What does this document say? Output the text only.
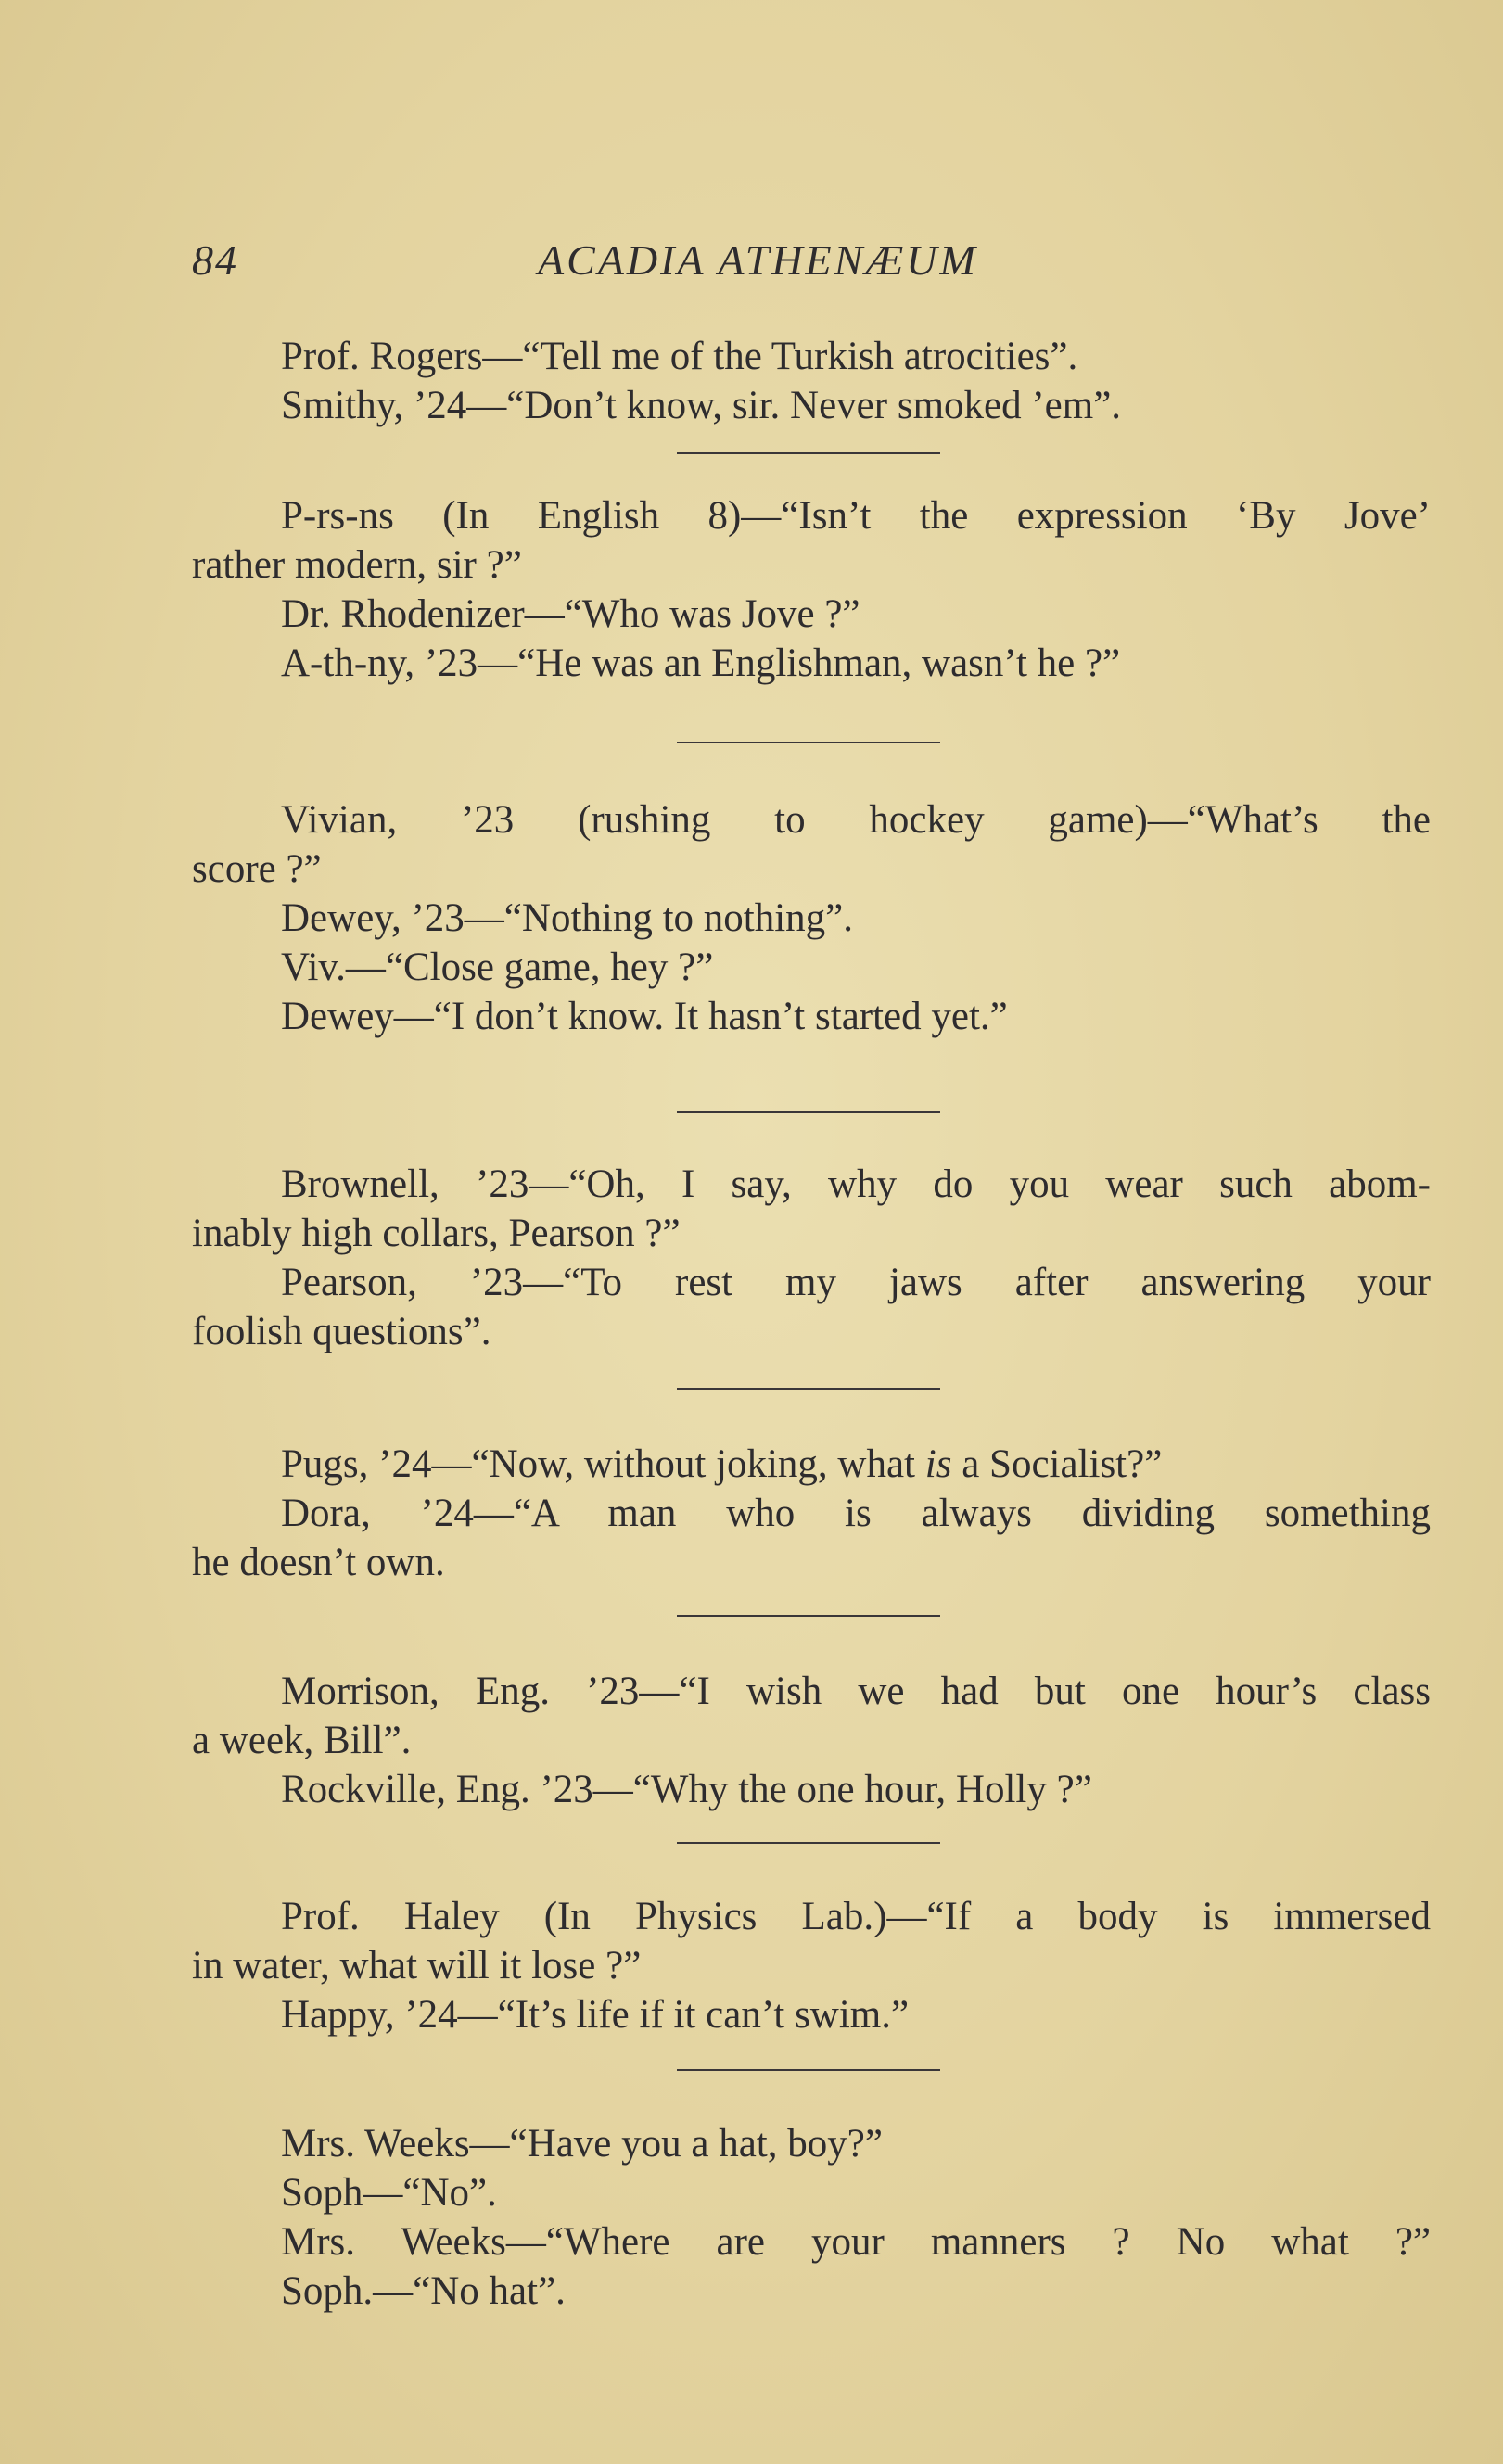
84	ACADIA ATHENÆUM

Prof. Rogers—“Tell me of the Turkish atrocities”.

Smithy, ’24—“Don’t know, sir. Never smoked ’em”.

P-rs-ns (In English 8)—“Isn’t the expression ‘By Jove’

rather modern, sir ?”

Dr. Rhodenizer—“Who was Jove ?”

A-th-ny, ’23—“He was an Englishman, wasn’t he ?”

Vivian, ’23 (rushing to hockey game)—“What’s the

score ?”

Dewey, ’23—“Nothing to nothing”.

Viv.—“Close game, hey ?”

Dewey—“I don’t know. It hasn’t started yet.”

Brownell, ’23—“Oh, I say, why do you wear such abom-

inably high collars, Pearson ?”

Pearson, ’23—“To rest my jaws after answering your

foolish questions”.

Pugs, ’24—“Now, without joking, what is a Socialist?”

Dora, ’24—“A man who is always dividing something

he doesn’t own.

Morrison, Eng. ’23—“I wish we had but one hour’s class

a week, Bill”.

Rockville, Eng. ’23—“Why the one hour, Holly ?”

Prof. Haley (In Physics Lab.)—“If a body is immersed

in water, what will it lose ?”

Happy, ’24—“It’s life if it can’t swim.”

Mrs. Weeks—“Have you a hat, boy?”

Soph—“No”.

Mrs. Weeks—“Where are your manners ? No what ?”

Soph.—“No hat”.
